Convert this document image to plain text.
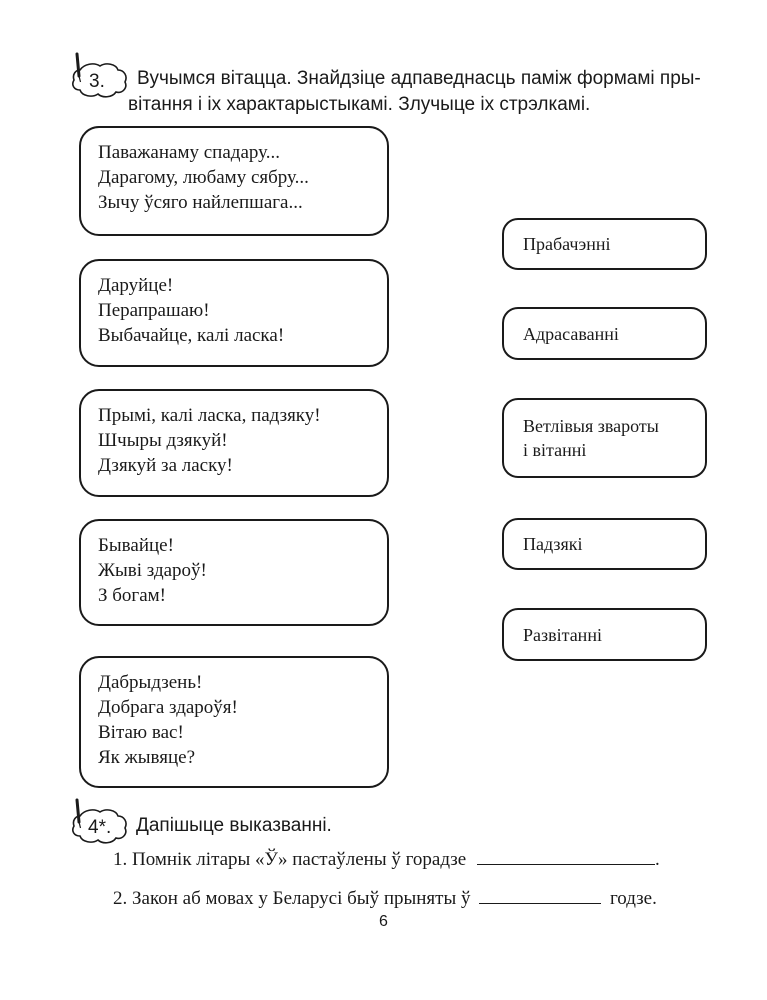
3. Вучымся вітацца. Знайдзіце адпаведнасць паміж формамі пры-
вітання і іх характарыстыкамі. Злучыце іх стрэлкамі.
Паважанаму спадару...
Дарагому, любаму сябру...
Зычу ўсяго найлепшага...
Даруйце!
Перапрашаю!
Выбачайце, калі ласка!
Прымі, калі ласка, падзяку!
Шчыры дзякуй!
Дзякуй за ласку!
Бывайце!
Жыві здароў!
З богам!
Дабрыдзень!
Добрага здароўя!
Вітаю вас!
Як жывяце?
Прабачэнні
Адрасаванні
Ветлівыя звароты
і вітанні
Падзякі
Развітанні
4*. Дапішыце выказванні.
1. Помнік літары «Ў» пастаўлены ў горадзе	.
2. Закон аб мовах у Беларусі быў прыняты ў	годзе.
6
